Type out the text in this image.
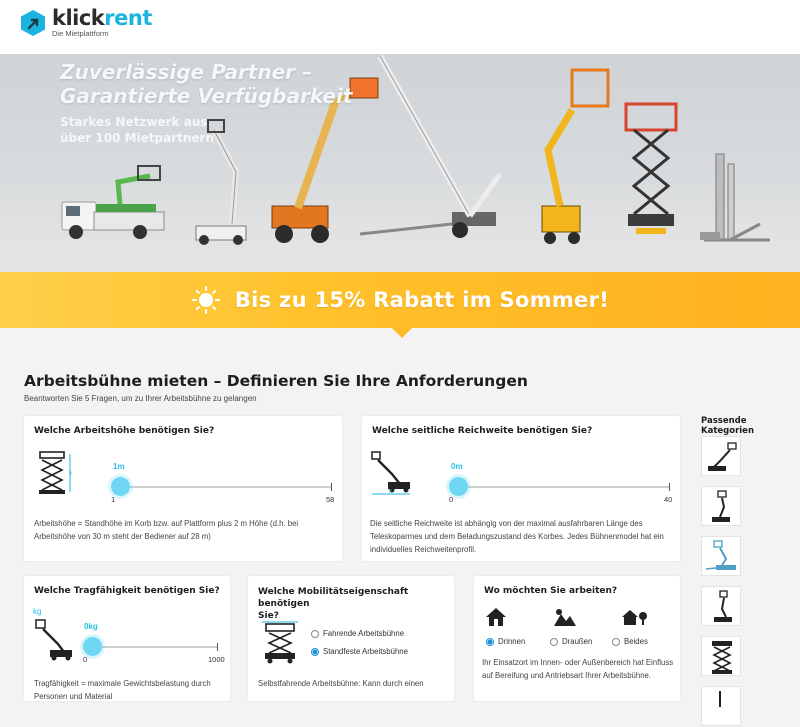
klickrent
Die Mietplattform
Zuverlässige Partner –
Garantierte Verfügbarkeit
Starkes Netzwerk aus
über 100 Mietpartnern
Bis zu 15% Rabatt im Sommer!
Arbeitsbühne mieten – Definieren Sie Ihre Anforderungen
Beantworten Sie 5 Fragen, um zu Ihrer Arbeitsbühne zu gelangen
Welche Arbeitshöhe benötigen Sie?
x
1m
1	58
Arbeitshöhe = Standhöhe im Korb bzw. auf Plattform plus 2 m Höhe (d.h. bei Arbeitshöhe von 30 m steht der Bediener auf 28 m)
Welche seitliche Reichweite benötigen Sie?
x
0m
0	40
Die seitliche Reichweite ist abhängig von der maximal ausfahrbaren Länge des Teleskoparmes und dem Beladungszustand des Korbes. Jedes Bühnenmodel hat ein individuelles Reichweitenprofil.
Welche Tragfähigkeit benötigen Sie?
kg
0kg
0	1000
Tragfähigkeit = maximale Gewichtsbelastung durch
Personen und Material
Welche Mobilitätseigenschaft benötigen
Sie?
Fahrende Arbeitsbühne
Standfeste Arbeitsbühne
Selbstfahrende Arbeitsbühne: Kann durch einen
Wo möchten Sie arbeiten?
Drinnen	Draußen	Beides
Ihr Einsatzort im Innen- oder Außenbereich hat Einfluss auf Bereifung und Antriebsart Ihrer Arbeitsbühne.
Passende Kategorien
